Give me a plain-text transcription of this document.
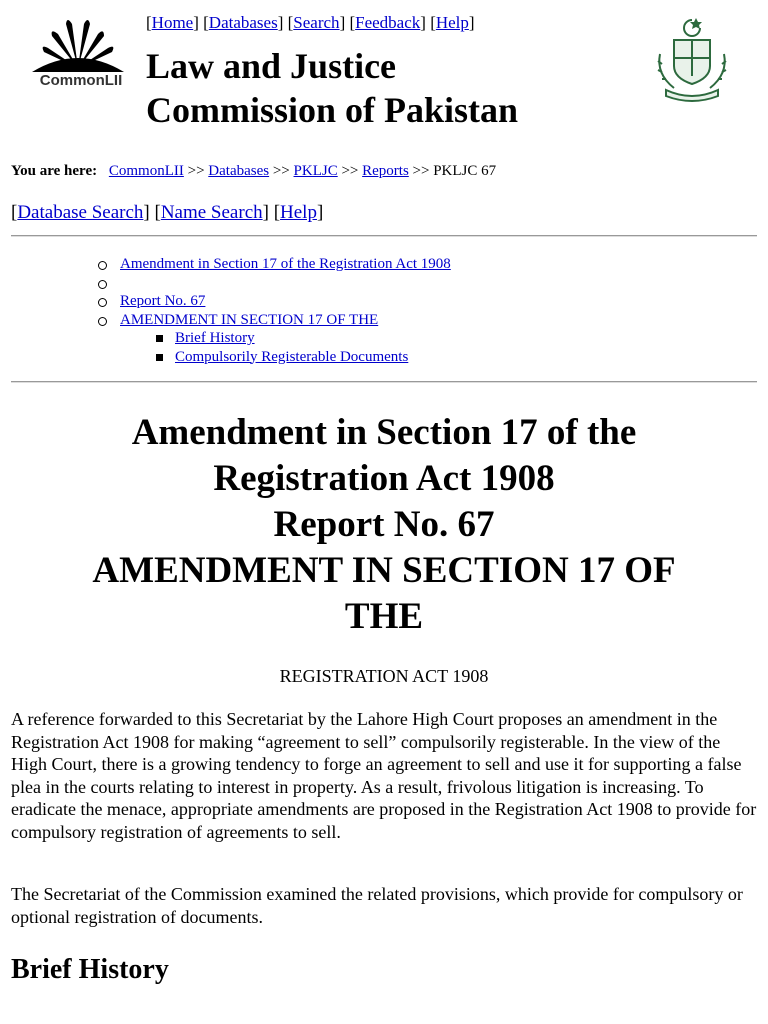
CommonLII
[Home] [Databases] [Search] [Feedback] [Help]
Law and Justice
Commission of Pakistan
You are here: CommonLII >> Databases >> PKLJC >> Reports >> PKLJC 67
[Database Search] [Name Search] [Help]
Amendment in Section 17 of the Registration Act 1908
Report No. 67
AMENDMENT IN SECTION 17 OF THE
Brief History
Compulsorily Registerable Documents
Amendment in Section 17 of the
Registration Act 1908
Report No. 67
AMENDMENT IN SECTION 17 OF
THE
REGISTRATION ACT 1908

A reference forwarded to this Secretariat by the Lahore High Court proposes an amendment in the Registration Act 1908 for making “agreement to sell” compulsorily registerable. In the view of the High Court, there is a growing tendency to forge an agreement to sell and use it for supporting a false plea in the courts relating to interest in property. As a result, frivolous litigation is increasing. To eradicate the menace, appropriate amendments are proposed in the Registration Act 1908 to provide for compulsory registration of agreements to sell.

The Secretariat of the Commission examined the related provisions, which provide for compulsory or optional registration of documents.

Brief History
